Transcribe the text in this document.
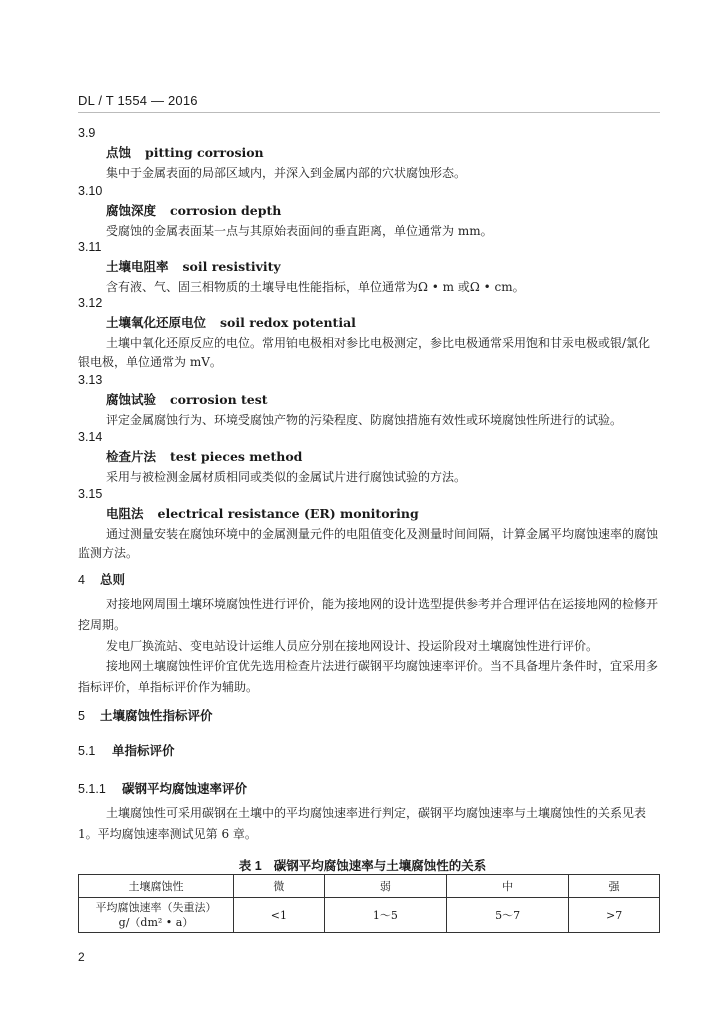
DL / T 1554 — 2016
3.9
点蚀 pitting corrosion
集中于金属表面的局部区域内，并深入到金属内部的穴状腐蚀形态。
3.10
腐蚀深度 corrosion depth
受腐蚀的金属表面某一点与其原始表面间的垂直距离，单位通常为 mm。
3.11
土壤电阻率 soil resistivity
含有液、气、固三相物质的土壤导电性能指标，单位通常为Ω • m 或Ω • cm。
3.12
土壤氧化还原电位 soil redox potential
土壤中氧化还原反应的电位。常用铂电极相对参比电极测定，参比电极通常采用饱和甘汞电极或银/氯化银电极，单位通常为 mV。
3.13
腐蚀试验 corrosion test
评定金属腐蚀行为、环境受腐蚀产物的污染程度、防腐蚀措施有效性或环境腐蚀性所进行的试验。
3.14
检查片法 test pieces method
采用与被检测金属材质相同或类似的金属试片进行腐蚀试验的方法。
3.15
电阻法 electrical resistance (ER) monitoring
通过测量安装在腐蚀环境中的金属测量元件的电阻值变化及测量时间间隔，计算金属平均腐蚀速率的腐蚀监测方法。
4 总则
对接地网周围土壤环境腐蚀性进行评价，能为接地网的设计选型提供参考并合理评估在运接地网的检修开挖周期。
发电厂换流站、变电站设计运维人员应分别在接地网设计、投运阶段对土壤腐蚀性进行评价。
接地网土壤腐蚀性评价宜优先选用检查片法进行碳钢平均腐蚀速率评价。当不具备埋片条件时，宜采用多指标评价，单指标评价作为辅助。
5 土壤腐蚀性指标评价
5.1 单指标评价
5.1.1 碳钢平均腐蚀速率评价
土壤腐蚀性可采用碳钢在土壤中的平均腐蚀速率进行判定，碳钢平均腐蚀速率与土壤腐蚀性的关系见表 1。平均腐蚀速率测试见第 6 章。
表 1 碳钢平均腐蚀速率与土壤腐蚀性的关系
土壤腐蚀性	微	弱	中	强

平均腐蚀速率（失重法）
g/（dm² • a）	<1	1～5	5～7	>7
2
